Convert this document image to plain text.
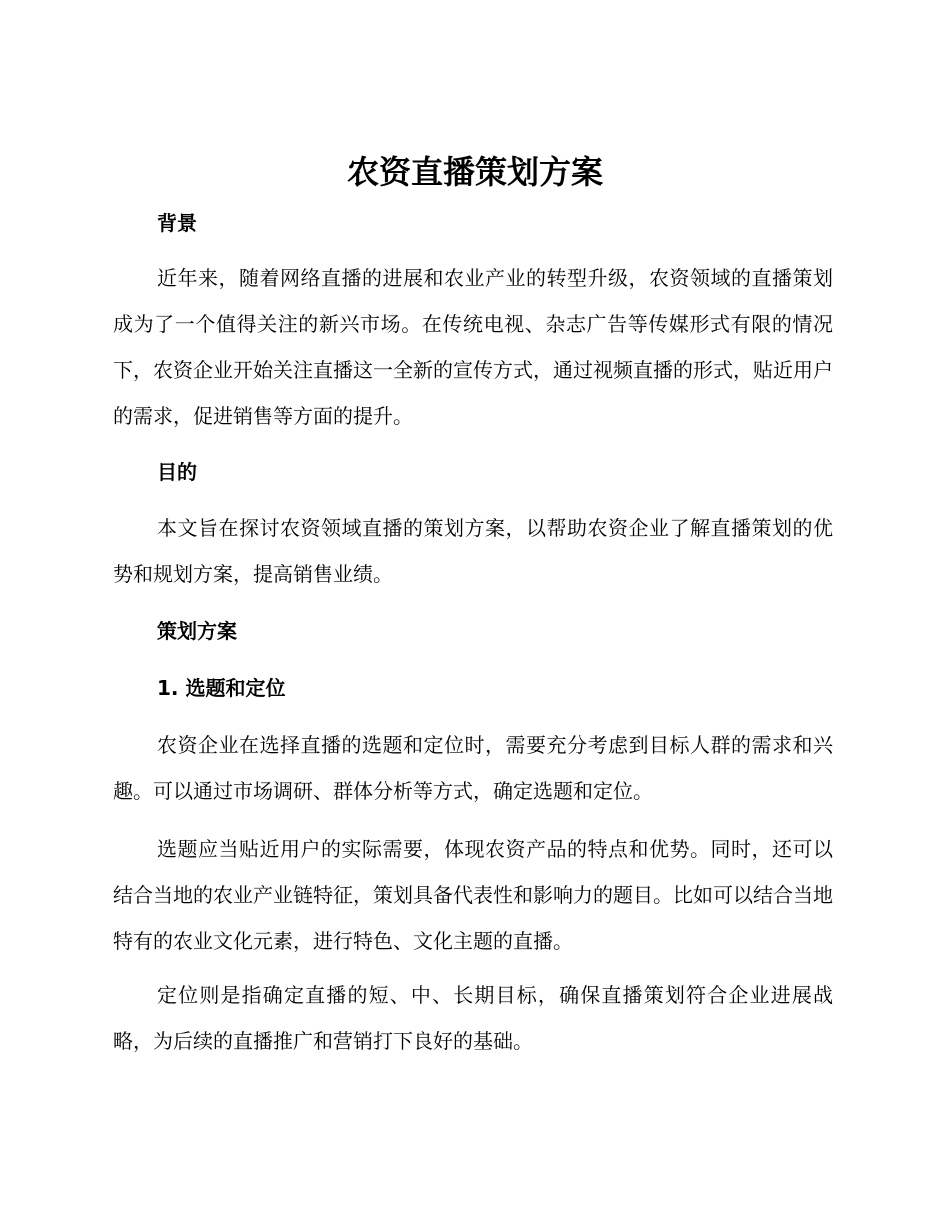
农资直播策划方案
背景

近年来，随着网络直播的进展和农业产业的转型升级，农资领域的直播策划成为了一个值得关注的新兴市场。在传统电视、杂志广告等传媒形式有限的情况下，农资企业开始关注直播这一全新的宣传方式，通过视频直播的形式，贴近用户的需求，促进销售等方面的提升。

目的

本文旨在探讨农资领域直播的策划方案，以帮助农资企业了解直播策划的优势和规划方案，提高销售业绩。

策划方案
1. 选题和定位

农资企业在选择直播的选题和定位时，需要充分考虑到目标人群的需求和兴趣。可以通过市场调研、群体分析等方式，确定选题和定位。

选题应当贴近用户的实际需要，体现农资产品的特点和优势。同时，还可以结合当地的农业产业链特征，策划具备代表性和影响力的题目。比如可以结合当地特有的农业文化元素，进行特色、文化主题的直播。

定位则是指确定直播的短、中、长期目标，确保直播策划符合企业进展战略，为后续的直播推广和营销打下良好的基础。
